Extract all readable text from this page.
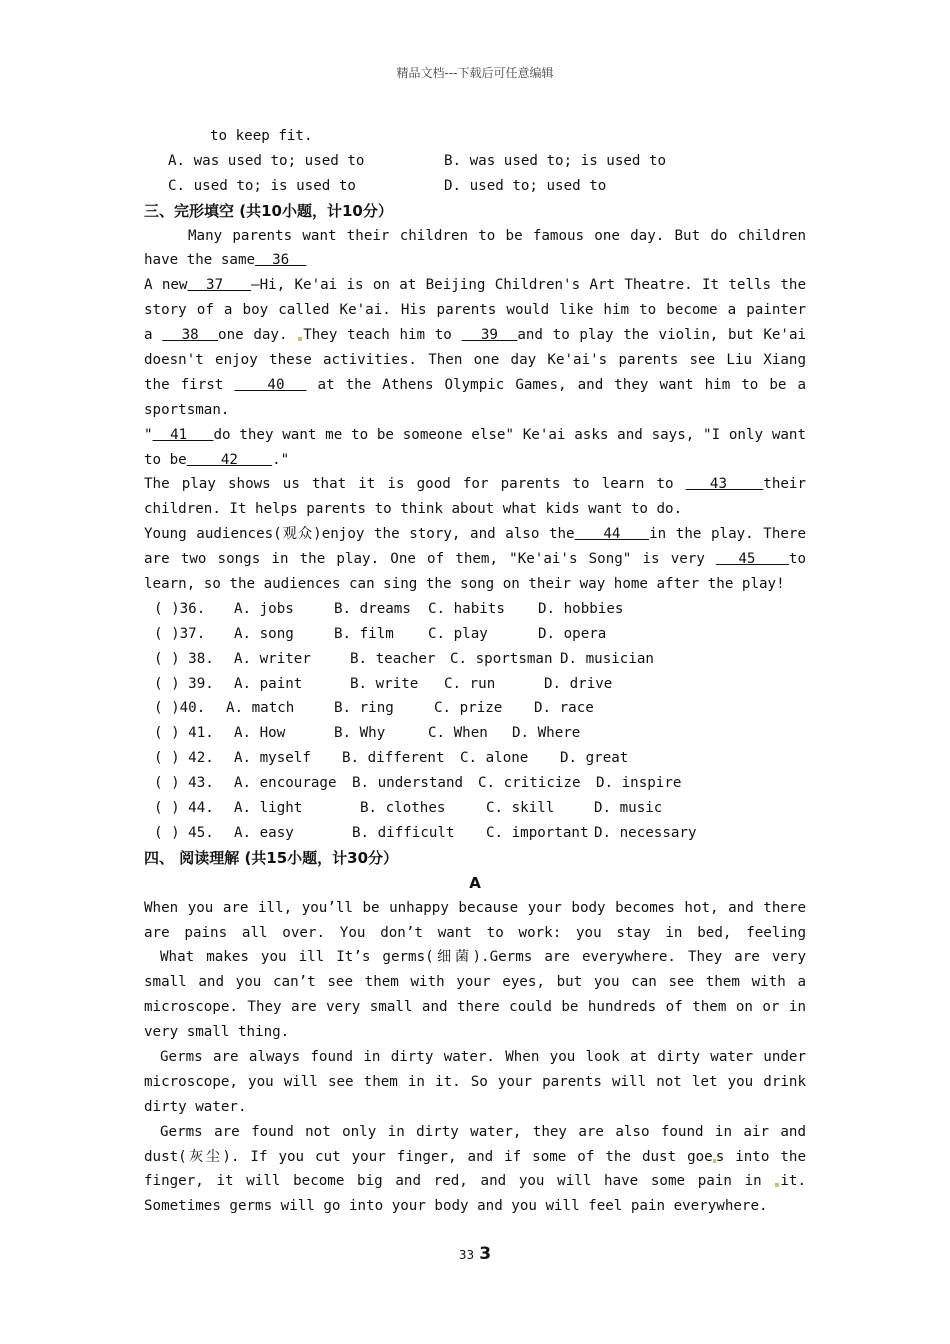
精品文档---下载后可任意编辑
to keep fit.
A. was used to; used to	B. was used to; is used to
C. used to; is used to	D. used to; used to
三、完形填空 (共10小题，计10分）
Many parents want their children to be famous one day. But do children
have the same  36
A new  37   —Hi, Ke'ai is on at Beijing Children's Art Theatre. It tells the
story of a boy called Ke'ai. His parents would like him to become a painter
a   38  one day. They teach him to   39  and to play the violin, but Ke'ai
doesn't enjoy these activities. Then one day Ke'ai's parents see Liu Xiang
the first    40   at the Athens Olympic Games, and they want him to be a
sportsman.
"  41   do they want me to be someone else" Ke'ai asks and says, "I only want
to be    42    ."
The play shows us that it is good for parents to learn to   43   their
children. It helps parents to think about what kids want to do.
Young audiences(观众)enjoy the story, and also the   44   in the play. There
are two songs in the play. One of them, "Ke'ai's Song" is very   45   to
learn, so the audiences can sing the song on their way home after the play!
( )36. A. jobs	B. dreams C. habits D. hobbies
( )37. A. song	B. film C. play	D. opera
( ) 38. A. writer	B. teacher C. sportsman D. musician
( ) 39. A. paint	B. write C. run	D. drive
( )40. A. match	B. ring	C. prize D. race
( ) 41. A. How	B. Why	C. When D. Where
( ) 42. A. myself B. different C. alone D. great
( ) 43. A. encourage B. understand C. criticize D. inspire
( ) 44. A. light	B. clothes	C. skill	D. music
( ) 45. A. easy	B. difficult C. important D. necessary
四、 阅读理解 (共15小题，计30分）
A
When you are ill, you’ll be unhappy because your body becomes hot, and there
are pains all over. You don’t want to work: you stay in bed, feeling
What makes you ill It’s germs(细菌).Germs are everywhere. They are very
small and you can’t see them with your eyes, but you can see them with a
microscope. They are very small and there could be hundreds of them on or in
very small thing.
Germs are always found in dirty water. When you look at dirty water under
microscope, you will see them in it. So your parents will not let you drink
dirty water.
Germs are found not only in dirty water, they are also found in air and
dust(灰尘). If you cut your finger, and if some of the dust goe s into the
finger, it will become big and red, and you will have some pain in it.
Sometimes germs will go into your body and you will feel pain everywhere.
33 3
